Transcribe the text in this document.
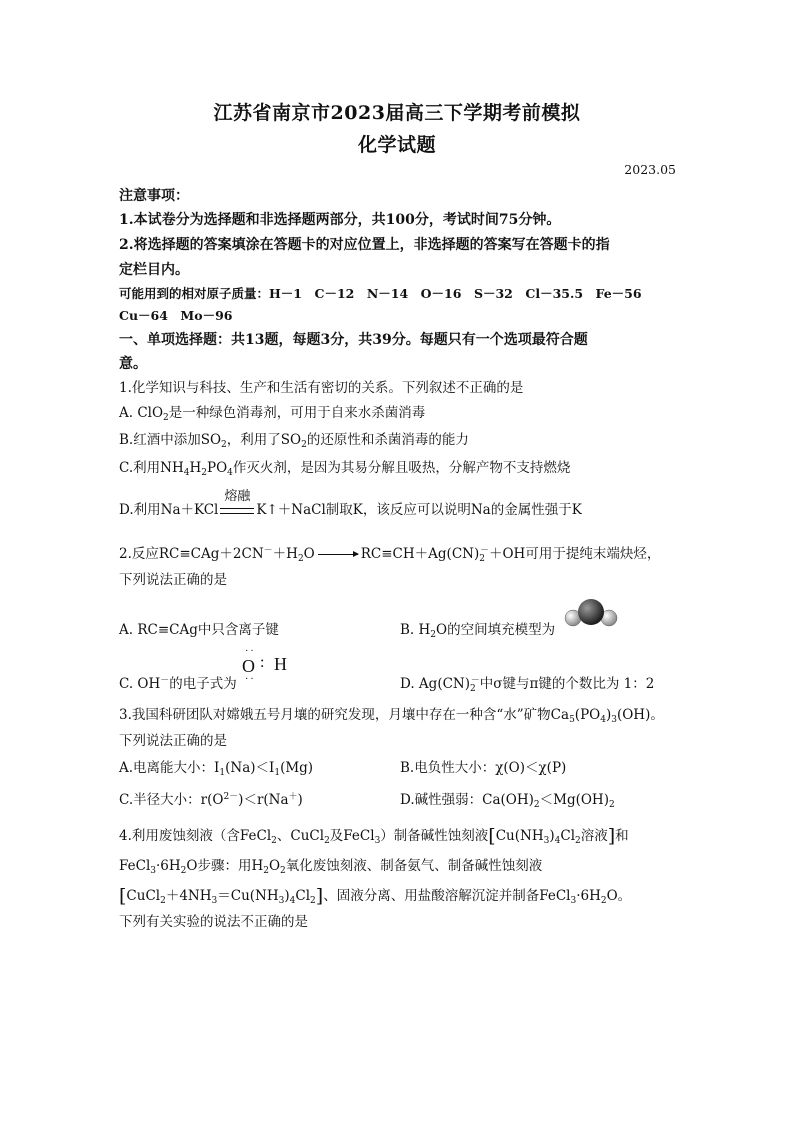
江苏省南京市2023届高三下学期考前模拟
化学试题
2023.05
注意事项：
1.本试卷分为选择题和非选择题两部分，共100分，考试时间75分钟。
2.将选择题的答案填涂在答题卡的对应位置上，非选择题的答案写在答题卡的指
定栏目内。
可能用到的相对原子质量：H－1　C－12　N－14　O－16　S－32　Cl－35.5　Fe－56
Cu－64　Mo－96
一、单项选择题：共13题，每题3分，共39分。每题只有一个选项最符合题
意。
1.化学知识与科技、生产和生活有密切的关系。下列叙述不正确的是
A. ClO$_2$是一种绿色消毒剂，可用于自来水杀菌消毒
B.红酒中添加$SO_2$，利用了$SO_2$的还原性和杀菌消毒的能力
C.利用$NH_4H_2PO_4$作灭火剂，是因为其易分解且吸热，分解产物不支持燃烧
D.利用Na＋KCl
熔融
K↑＋NaCl制取K，该反应可以说明Na的金属性强于K
2.反应$RC\equiv CAg+2CN^-+H_2O \to RC\equiv CH+Ag(CN)_2^-+OH$可用于提纯末端炔烃，
下列说法正确的是
A. RC≡CAg中只含离子键	B. $H_2O$的空间填充模型为
··
O : H
··
C. OH－的电子式为	D. $Ag(CN)_2^-$中σ键与π键的个数比为 1：2
3.我国科研团队对嫦娥五号月壤的研究发现，月壤中存在一种含“水”矿物$Ca_5(PO_4)_3(OH)$。
下列说法正确的是
A.电离能大小：$I_1(Na)<I_1(Mg)$	B.电负性大小：χ(O)＜χ(P)
C.半径大小：$r(O^{2-})<r(Na^+)$	D.碱性强弱：$Ca(OH)_2<Mg(OH)_2$
4.利用废蚀刻液（含FeCl$_2$、CuCl$_2$及FeCl$_3$）制备碱性蚀刻液[$Cu(NH_3)_4Cl_2$溶液]和
$FeCl_3\cdot 6H_2O$步骤：用$H_2O_2$氧化废蚀刻液、制备氨气、制备碱性蚀刻液
$[CuCl_2+4NH_3=Cu(NH_3)_4Cl_2]$、固液分离、用盐酸溶解沉淀并制备$FeCl_3\cdot 6H_2O$。
下列有关实验的说法不正确的是
